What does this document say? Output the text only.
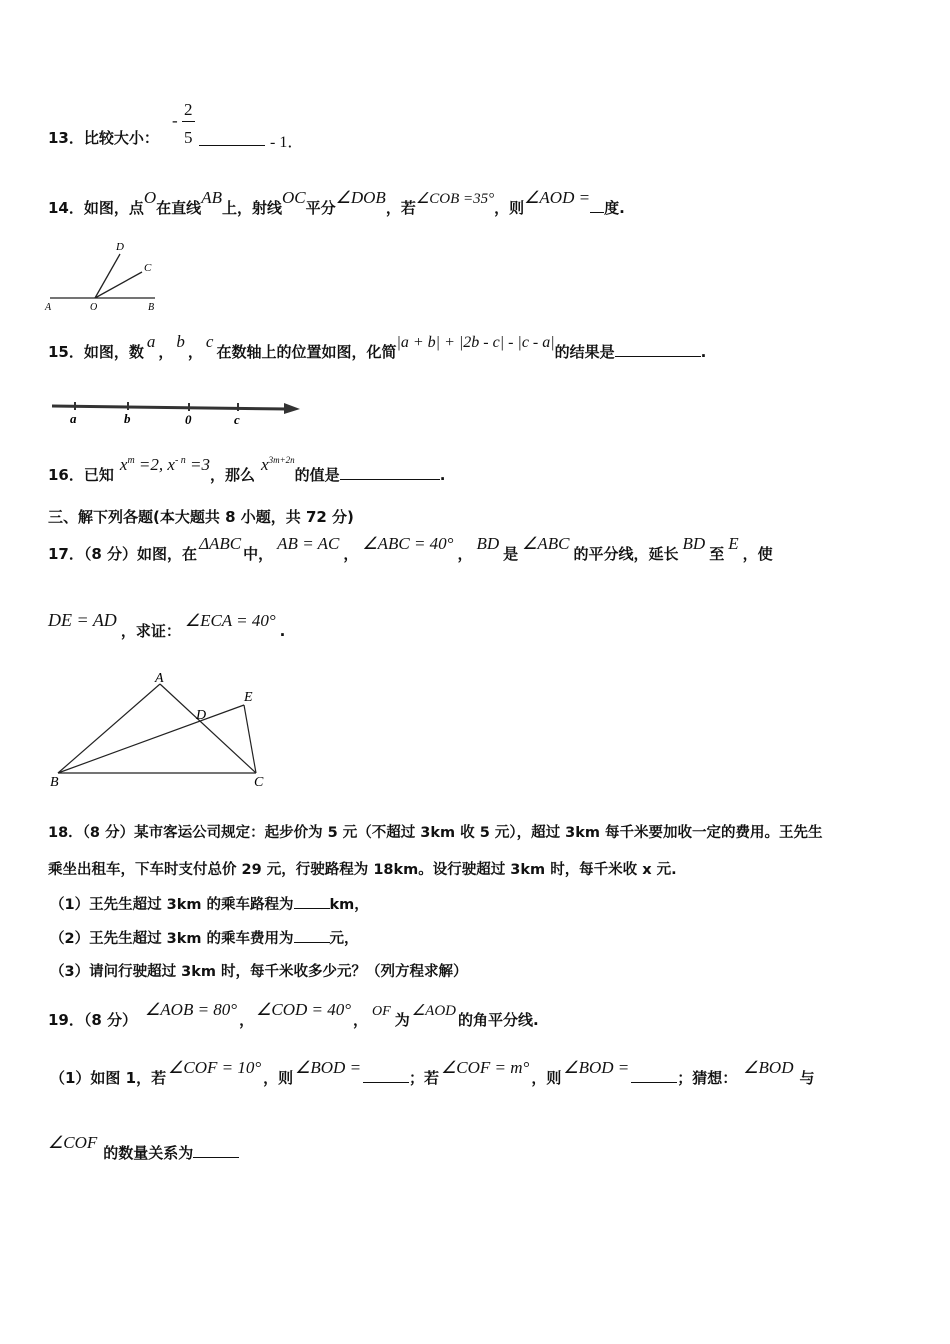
13．比较大小：
-
2
5	- 1．
14．如图，点O在直线AB上，射线OC平分∠DOB，若∠COB =35°，则∠AOD =度.
D
C
A	O	B
15．如图，数a，b，c在数轴上的位置如图，化简|a + b| + |2b - c| - |c - a|的结果是	.
a	b	0	c
16．已知$x^m =2$, $x^{- n} =3$，那么$x^{3m+2n}$的值是	.
三、解下列各题(本大题共 8 小题，共 72 分)
17．（8 分）如图，在ΔABC中，AB = AC，∠ABC = 40°，BD是∠ABC的平分线，延长BD至E，使
DE = AD，求证：∠ECA = 40°.
A
D
E
B	C
18．（8 分）某市客运公司规定：起步价为 5 元（不超过 3km 收 5 元），超过 3km 每千米要加收一定的费用。王先生
乘坐出租车，下车时支付总价 29 元，行驶路程为 18km。设行驶超过 3km 时，每千米收 x 元.
（1）王先生超过 3km 的乘车路程为 km，
（2）王先生超过 3km 的乘车费用为 元，
（3）请问行驶超过 3km 时，每千米收多少元？（列方程求解）
19．（8 分）∠AOB = 80°，∠COD = 40°， OF 为 ∠AOD 的角平分线.
（1）如图 1，若∠COF = 10°，则∠BOD =；若∠COF = m°，则∠BOD =；猜想：∠BOD与
∠COF的数量关系为
